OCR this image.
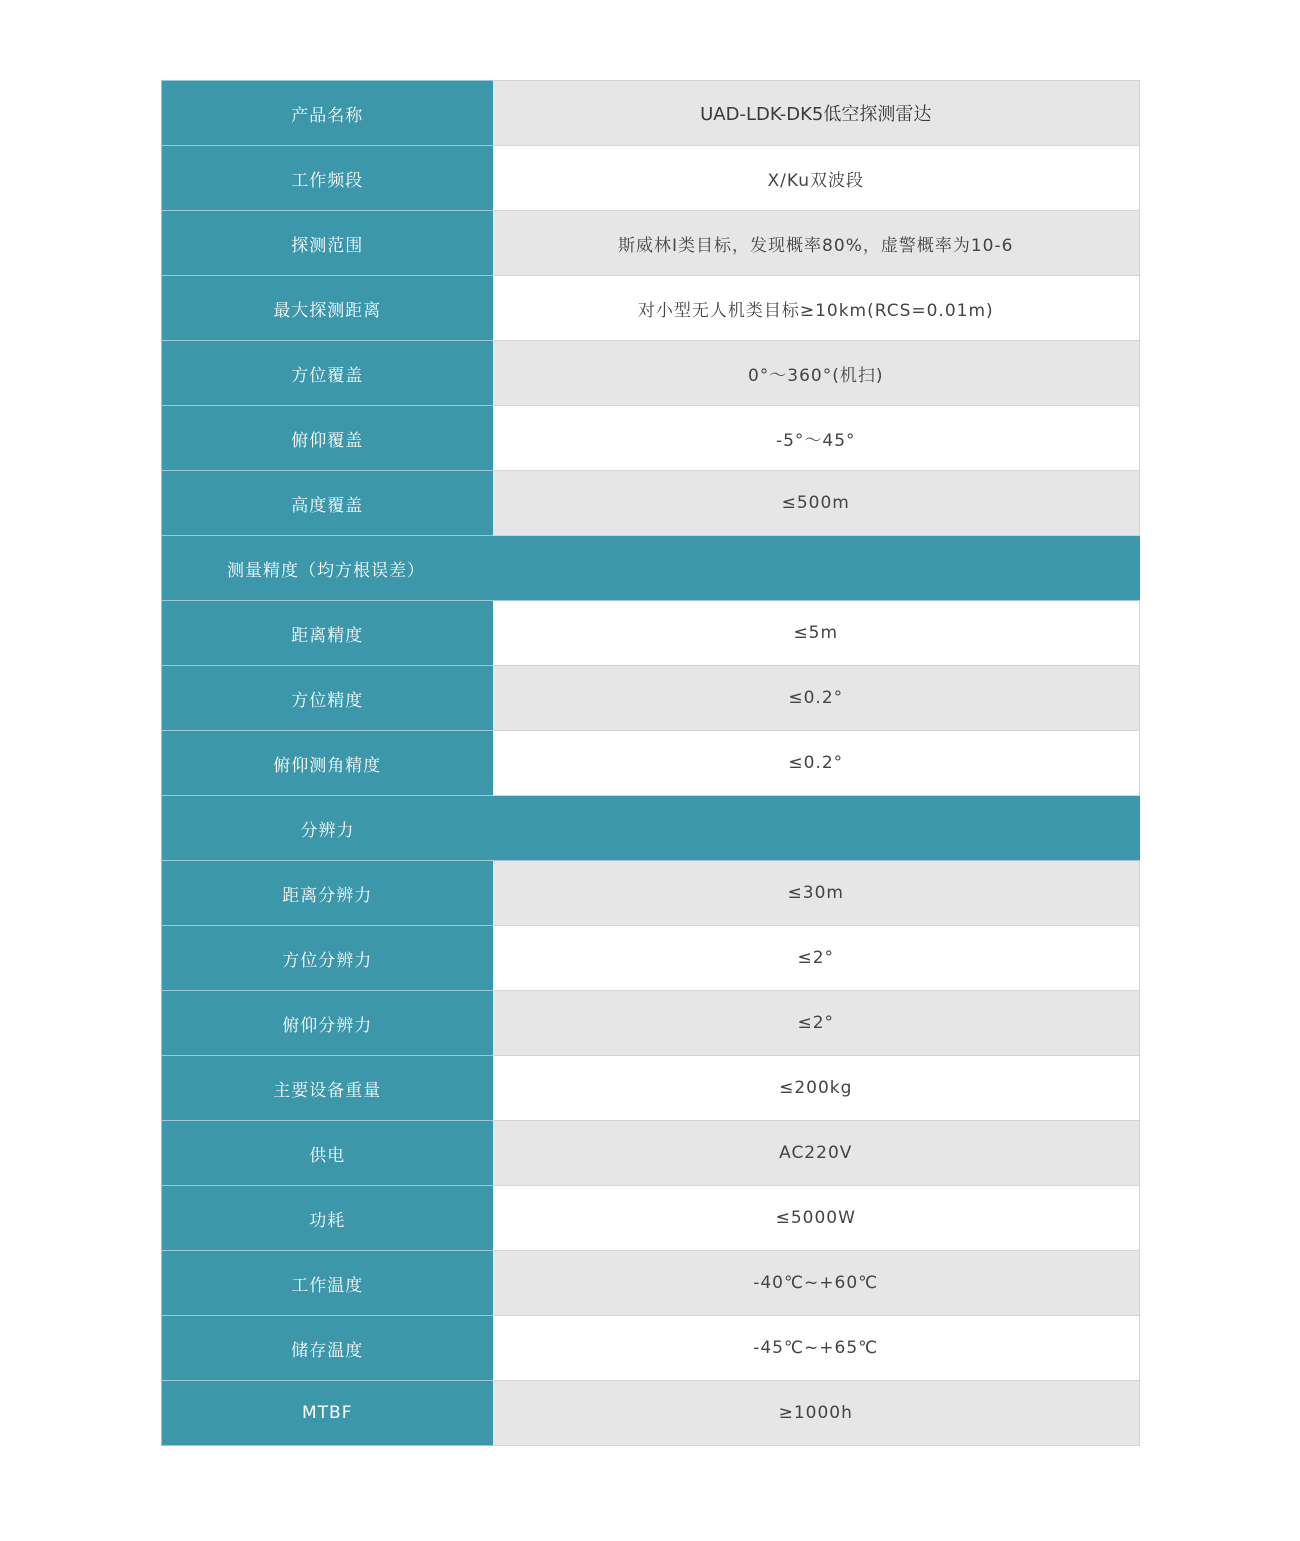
产品名称	UAD-LDK-DK5低空探测雷达
工作频段	X/Ku双波段
探测范围	斯威林Ⅰ类目标，发现概率80%，虚警概率为10-6
最大探测距离	对小型无人机类目标≥10km(RCS=0.01m)
方位覆盖	0°～360°(机扫)
俯仰覆盖	-5°～45°
高度覆盖	≤500m
测量精度（均方根误差）	
距离精度	≤5m
方位精度	≤0.2°
俯仰测角精度	≤0.2°
分辨力	
距离分辨力	≤30m
方位分辨力	≤2°
俯仰分辨力	≤2°
主要设备重量	≤200kg
供电	AC220V
功耗	≤5000W
工作温度	-40℃~+60℃
储存温度	-45℃~+65℃
MTBF	≥1000h
